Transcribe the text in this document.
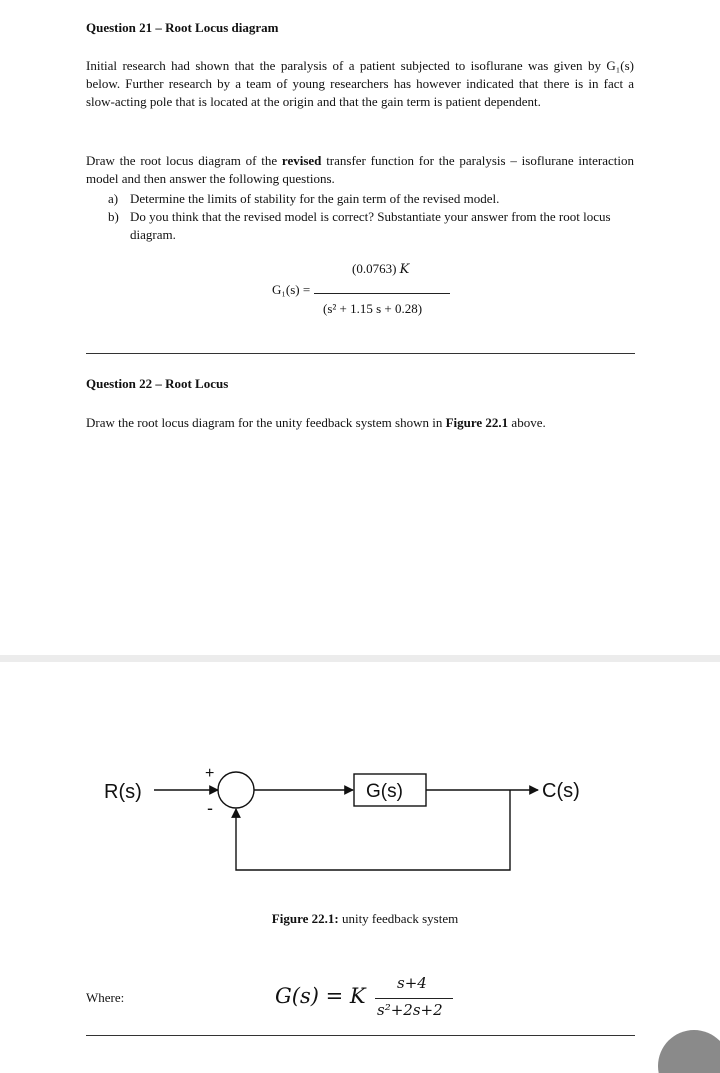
Question 21 – Root Locus diagram
Initial research had shown that the paralysis of a patient subjected to isoflurane was given by G₁(s) below. Further research by a team of young researchers has however indicated that there is in fact a slow-acting pole that is located at the origin and that the gain term is patient dependent.
Draw the root locus diagram of the revised transfer function for the paralysis – isoflurane interaction model and then answer the following questions.
a) Determine the limits of stability for the gain term of the revised model.
b) Do you think that the revised model is correct? Substantiate your answer from the root locus diagram.
G₁(s) =
(0.0763) K
(s² + 1.15 s + 0.28)
Question 22 – Root Locus
Draw the root locus diagram for the unity feedback system shown in Figure 22.1 above.
R(s)
+
-
G(s)	C(s)
Figure 22.1: unity feedback system
Where:	G(s) = K
s+4
s²+2s+2
